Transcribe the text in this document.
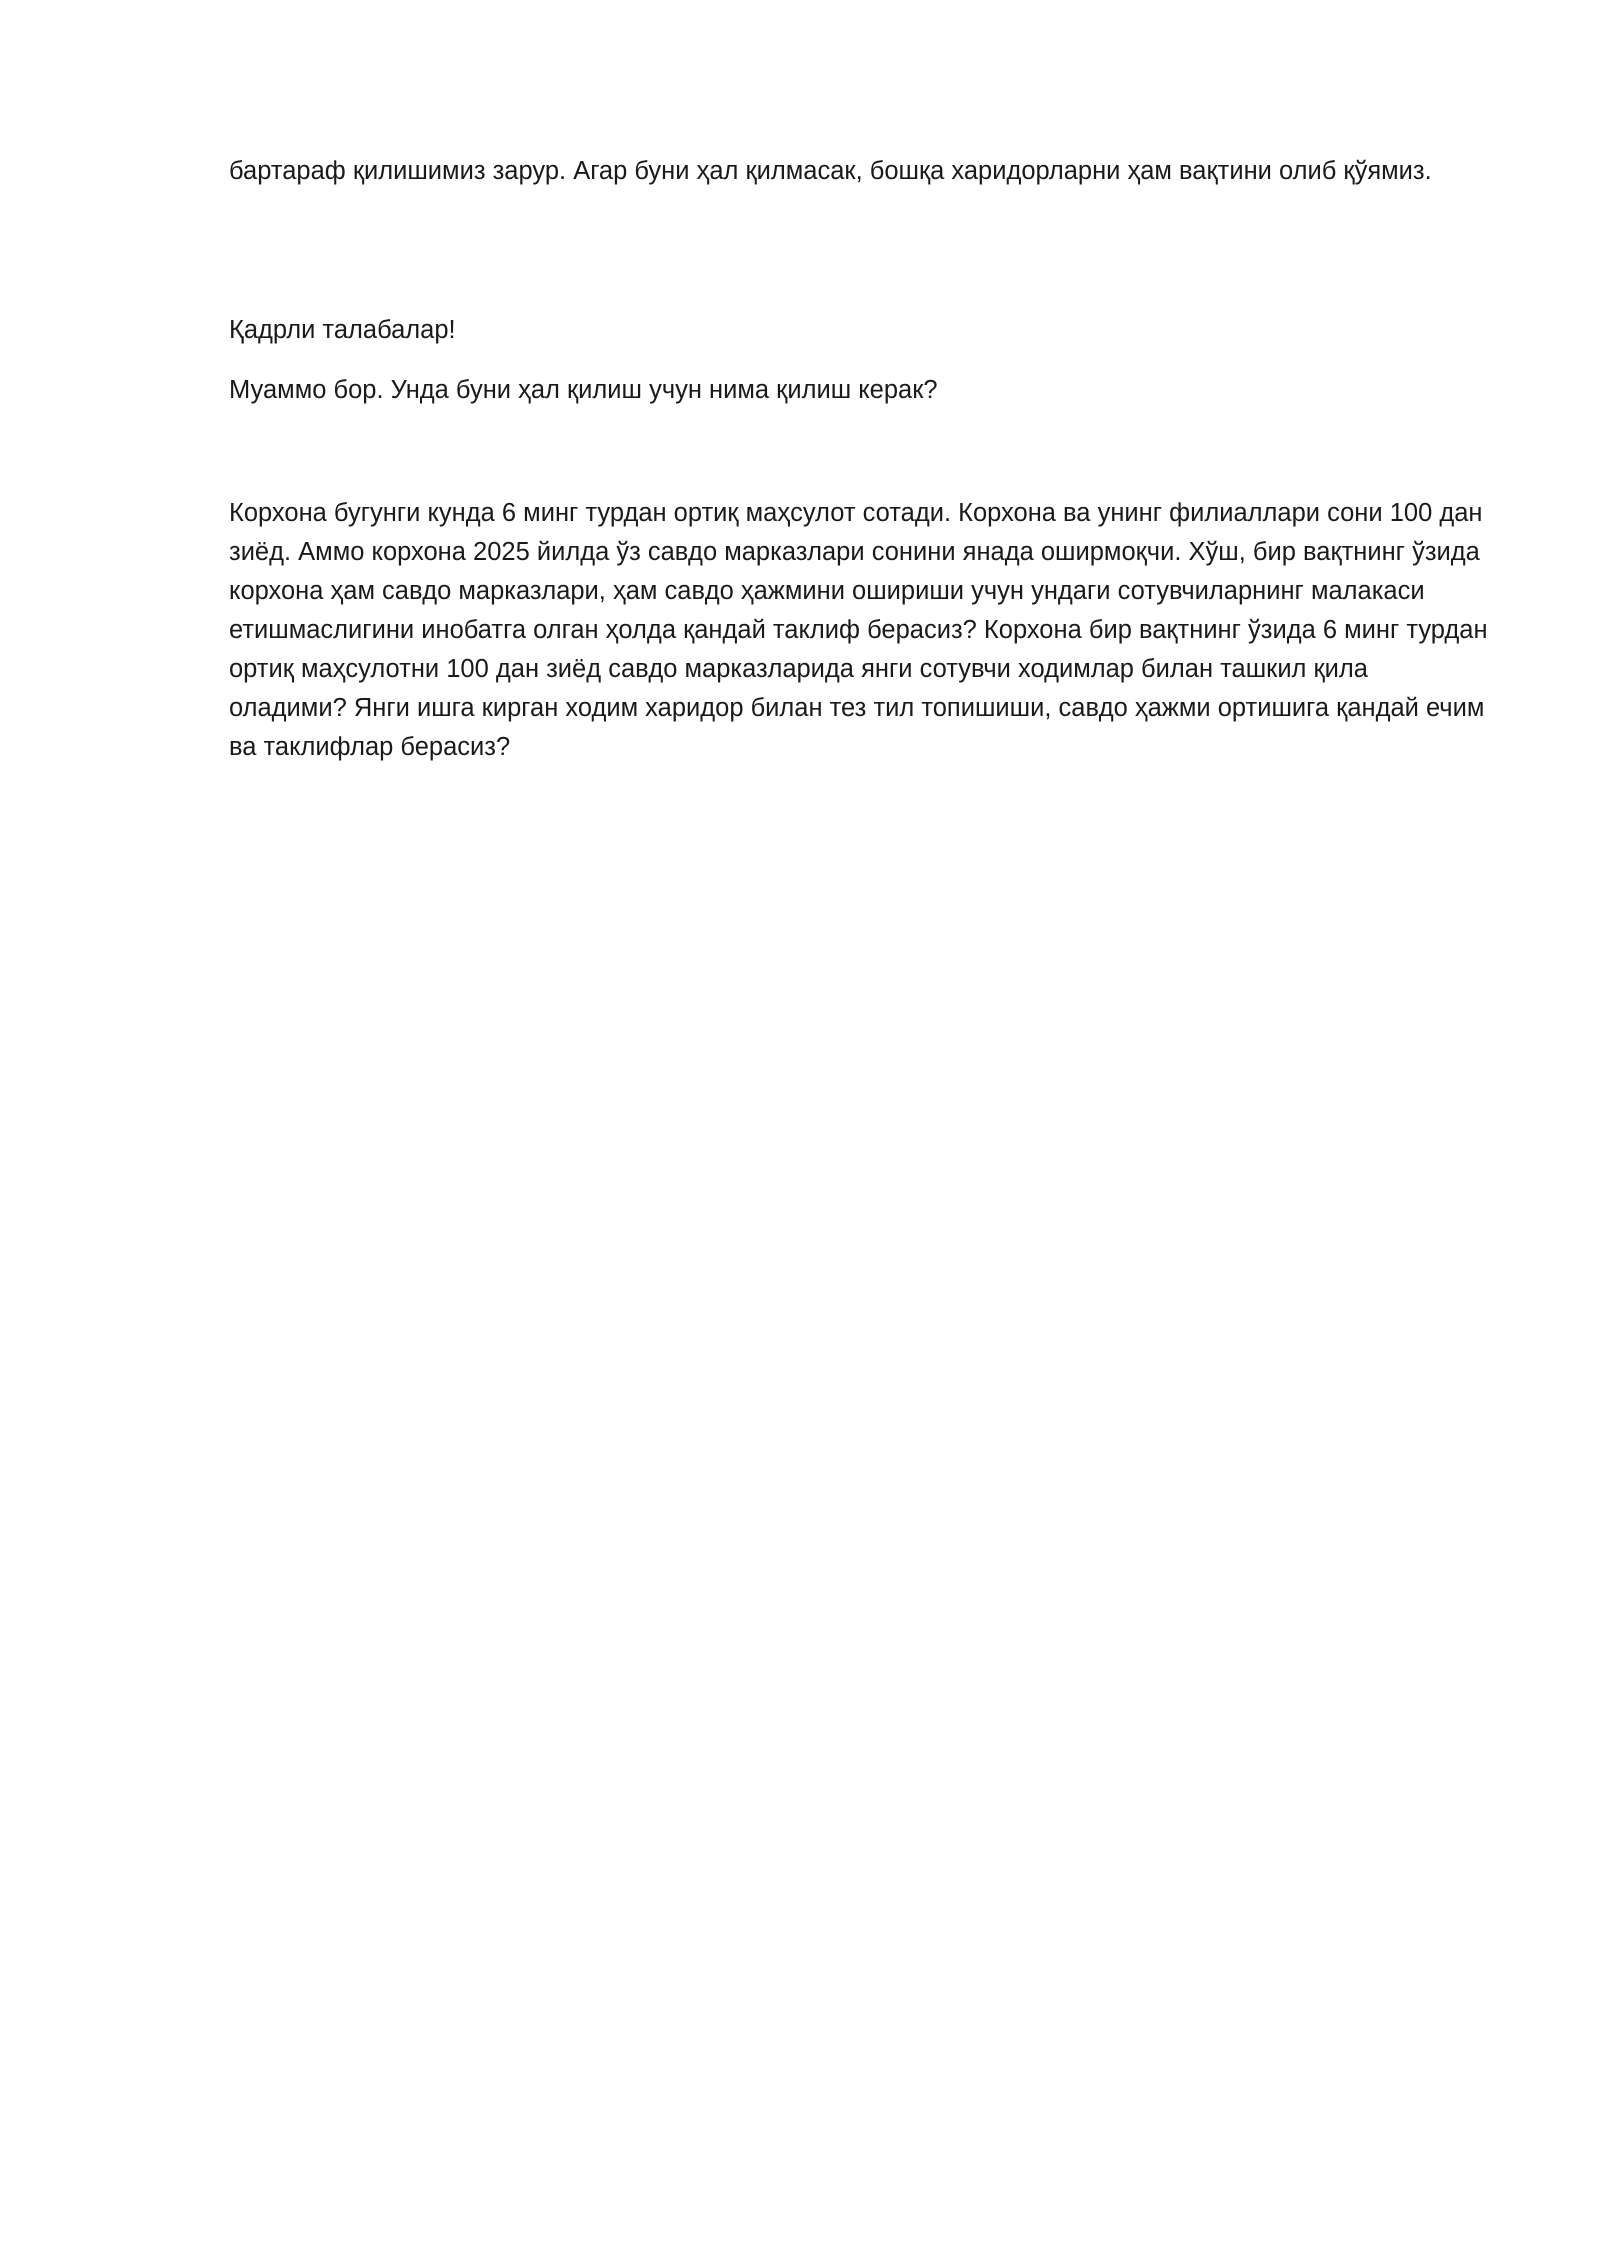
бартараф қилишимиз зарур. Агар буни ҳал қилмасак, бошқа харидорларни ҳам вақтини олиб қўямиз.

Қадрли талабалар!

Муаммо бор. Унда буни ҳал қилиш учун нима қилиш керак?

Корхона бугунги кунда 6 минг турдан ортиқ маҳсулот сотади. Корхона ва унинг филиаллари сони 100 дан зиёд. Аммо корхона 2025 йилда ўз савдо марказлари сонини янада оширмоқчи. Хўш, бир вақтнинг ўзида корхона ҳам савдо марказлари, ҳам савдо ҳажмини ошириши учун ундаги сотувчиларнинг малакаси етишмаслигини инобатга олган ҳолда қандай таклиф берасиз? Корхона бир вақтнинг ўзида 6 минг турдан ортиқ маҳсулотни 100 дан зиёд савдо марказларида янги сотувчи ходимлар билан ташкил қила оладими? Янги ишга кирган ходим харидор билан тез тил топишиши, савдо ҳажми ортишига қандай ечим ва таклифлар берасиз?
